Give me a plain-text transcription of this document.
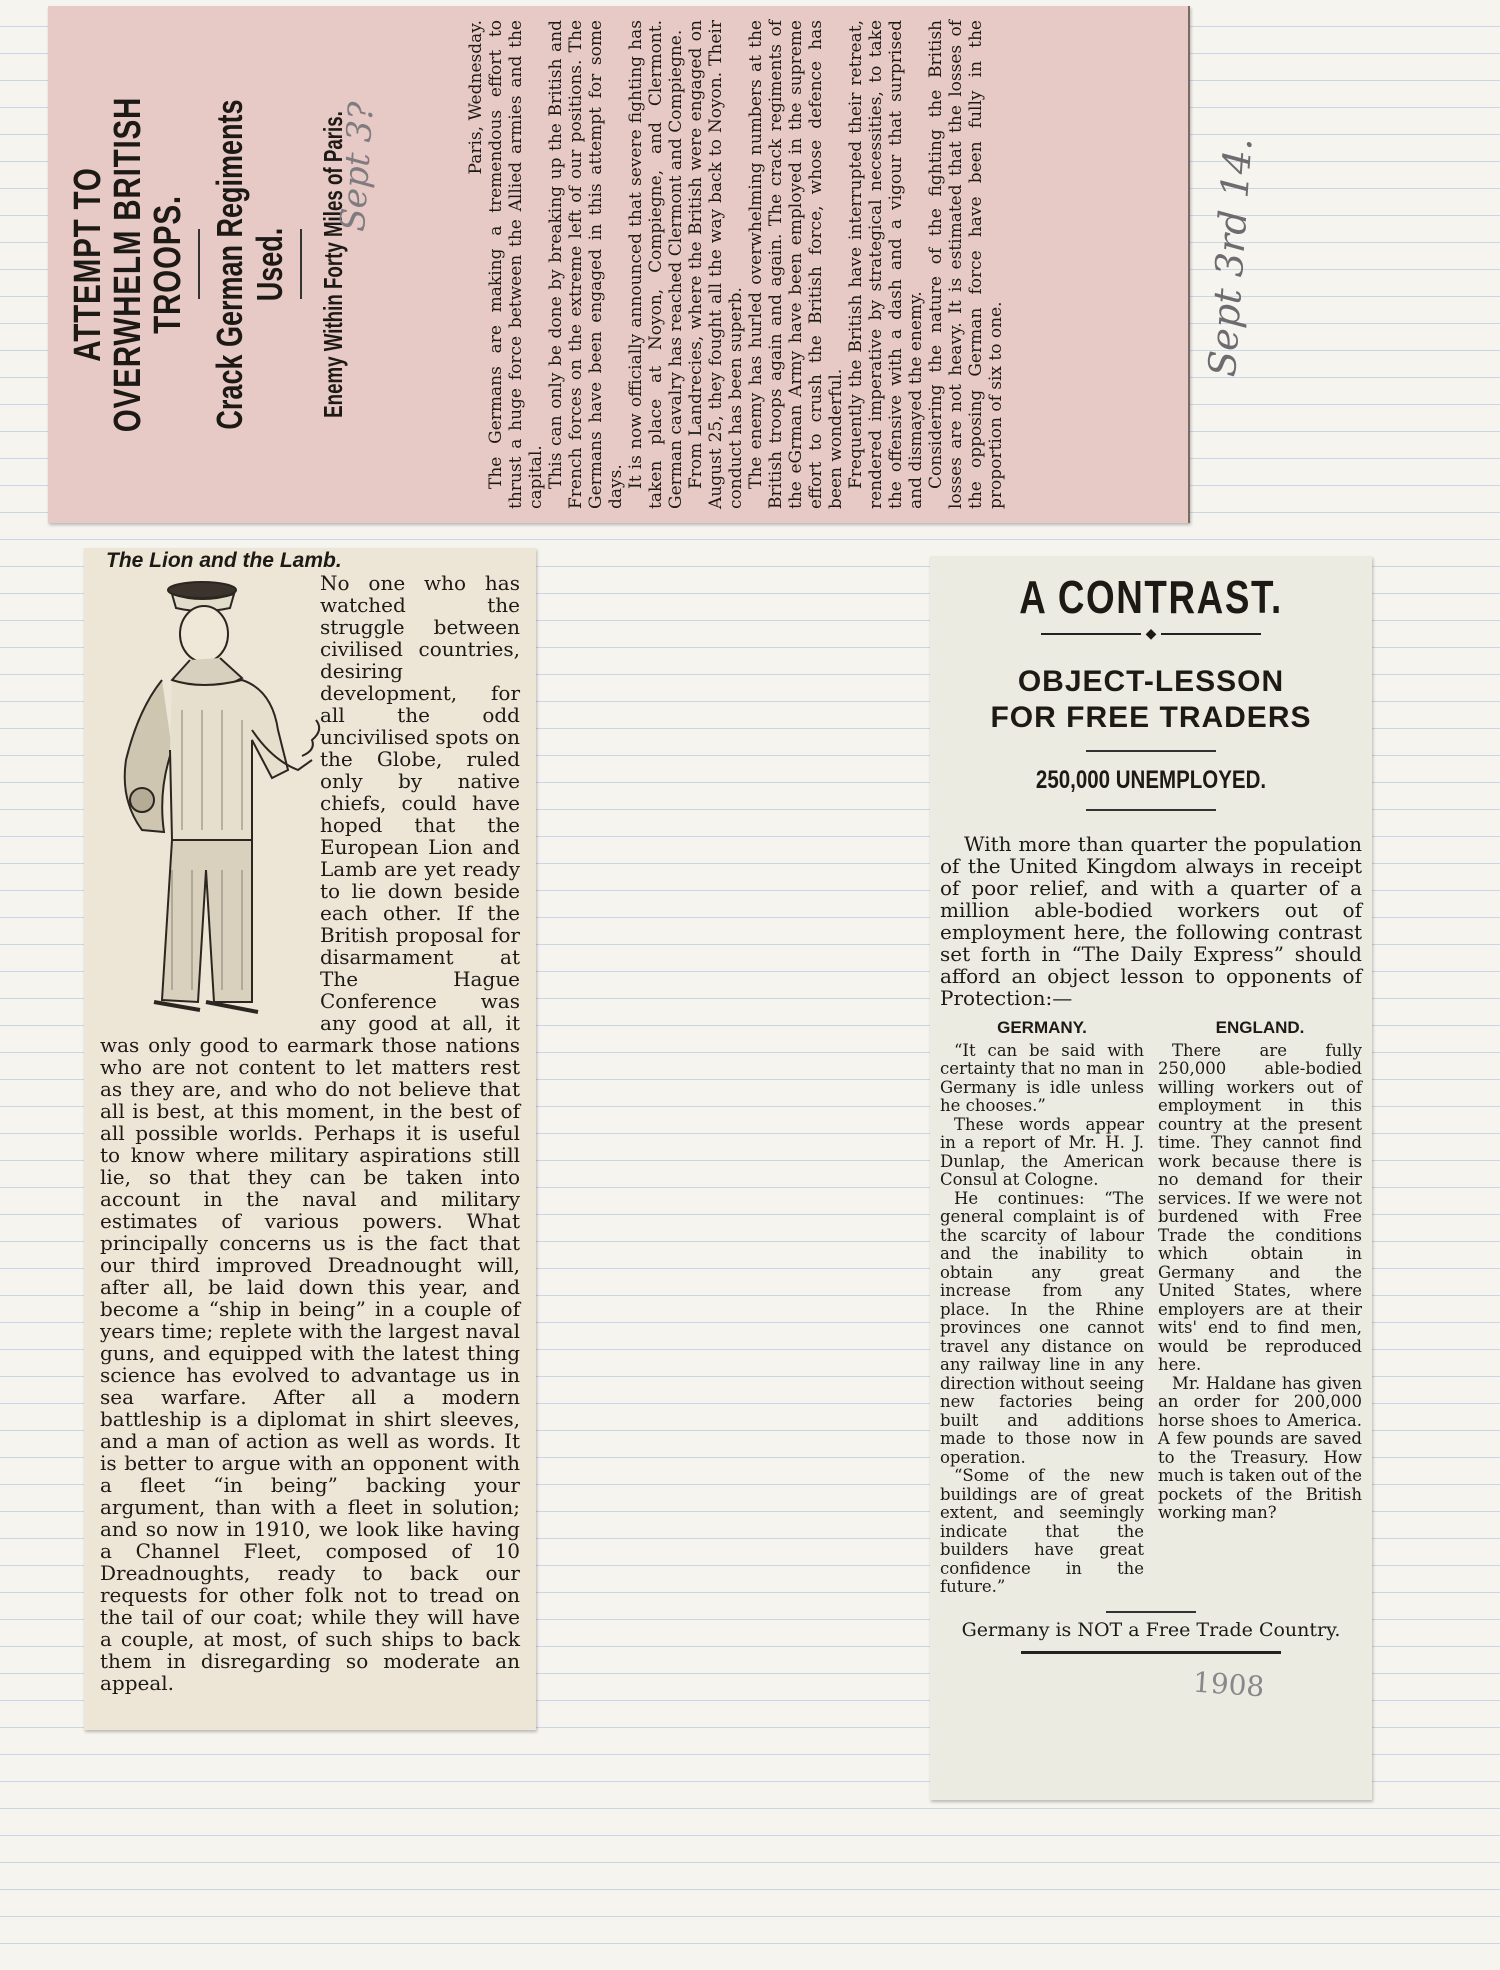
ATTEMPT TO OVERWHELM BRITISH TROOPS. Crack German Regiments Used. Enemy Within Forty Miles of Paris.
Paris, Wednesday. The Germans are making a tremendous effort to thrust a huge force between the Allied armies and the capital. This can only be done by breaking up the British and French forces on the extreme left of our positions. The Germans have been engaged in this attempt for some days. It is now officially announced that severe fighting has taken place at Noyon, Compiegne, and Clermont. German cavalry has reached Clermont and Compiegne. From Landrecies, where the British were engaged on August 25, they fought all the way back to Noyon. Their conduct has been superb. The enemy has hurled overwhelming numbers at the British troops again and again. The crack regiments of the eGrman Army have been employed in the supreme effort to crush the British force, whose defence has been wonderful. Frequently the British have interrupted their retreat, rendered imperative by strategical necessities, to take the offensive with a dash and a vigour that surprised and dismayed the enemy. Considering the nature of the fighting the British losses are not heavy. It is estimated that the losses of the opposing German force have been fully in the proportion of six to one.

Sept 3?	Sept 3rd 14.
No one who has watched the struggle between civilised countries, desiring development, for all the odd uncivilised spots on the Globe, ruled only by native chiefs, could have hoped that the European Lion and Lamb are yet ready to lie down beside each other. If the British proposal for disarmament at The Hague Conference was any good at all, it was only good to earmark those nations who are not content to let matters rest as they are, and who do not believe that all is best, at this moment, in the best of all possible worlds. Perhaps it is useful to know where military aspirations still lie, so that they can be taken into account in the naval and military estimates of various powers. What principally concerns us is the fact that our third improved Dreadnought will, after all, be laid down this year, and become a “ship in being” in a couple of years time; replete with the largest naval guns, and equipped with the latest thing science has evolved to advantage us in sea warfare. After all a modern battleship is a diplomat in shirt sleeves, and a man of action as well as words. It is better to argue with an opponent with a fleet “in being” backing your argument, than with a fleet in solution; and so now in 1910, we look like having a Channel Fleet, composed of 10 Dreadnoughts, ready to back our requests for other folk not to tread on the tail of our coat; while they will have a couple, at most, of such ships to back them in disregarding so moderate an appeal.
The Lion and the Lamb.
A CONTRAST.
◆
OBJECT-LESSON
FOR FREE TRADERS
250,000 UNEMPLOYED.
With more than quarter the population of the United Kingdom always in receipt of poor relief, and with a quarter of a million able-bodied workers out of employment here, the following contrast set forth in “The Daily Express” should afford an object lesson to opponents of Protection:—
GERMANY.

“It can be said with certainty that no man in Germany is idle unless he chooses.”

These words appear in a report of Mr. H. J. Dunlap, the American Consul at Cologne.

He continues: “The general complaint is of the scarcity of labour and the inability to obtain any great increase from any place. In the Rhine provinces one cannot travel any distance on any railway line in any direction without seeing new factories being built and additions made to those now in operation.

“Some of the new buildings are of great extent, and seemingly indicate that the builders have great confidence in the future.”

ENGLAND.

There are fully 250,000 able-bodied willing workers out of employment in this country at the present time. They cannot find work because there is no demand for their services. If we were not burdened with Free Trade the conditions which obtain in Germany and the United States, where employers are at their wits' end to find men, would be reproduced here.

Mr. Haldane has given an order for 200,000 horse shoes to America. A few pounds are saved to the Treasury. How much is taken out of the pockets of the British working man?

Germany is NOT a Free Trade Country.
1908
